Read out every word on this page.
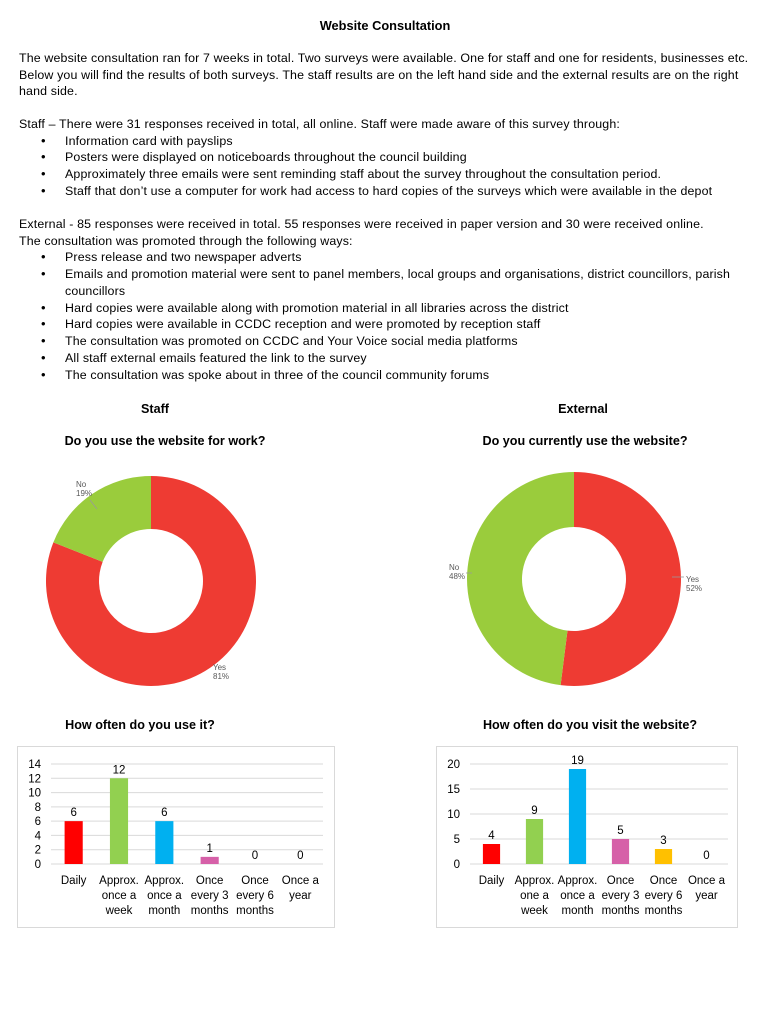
Website Consultation
The website consultation ran for 7 weeks in total. Two surveys were available. One for staff and one for residents, businesses etc. Below you will find the results of both surveys. The staff results are on the left hand side and the external results are on the right hand side.
Staff – There were 31 responses received in total, all online. Staff were made aware of this survey through:
• Information card with payslips
• Posters were displayed on noticeboards throughout the council building
• Approximately three emails were sent reminding staff about the survey throughout the consultation period.
• Staff that don’t use a computer for work had access to hard copies of the surveys which were available in the depot
External - 85 responses were received in total. 55 responses were received in paper version and 30 were received online.
The consultation was promoted through the following ways:
• Press release and two newspaper adverts
• Emails and promotion material were sent to panel members, local groups and organisations, district councillors, parish councillors
• Hard copies were available along with promotion material in all libraries across the district
• Hard copies were available in CCDC reception and were promoted by reception staff
• The consultation was promoted on CCDC and Your Voice social media platforms
• All staff external emails featured the link to the survey
• The consultation was spoke about in three of the council community forums
Staff	External
Do you use the website for work?	Do you currently use the website?
Yes
81%
No
19%
Yes
52%
No
48%
How often do you use it?	How often do you visit the website?
0
2
4
6
8
10
12
14
6
Daily
12
Approx.
once a
week
6
Approx.
once a
month
1
Once
every 3
months
0
Once
every 6
months
0
Once a
year
0
5
10
15
20
4
Daily
9
Approx.
one a
week
19
Approx.
once a
month
5
Once
every 3
months
3
Once
every 6
months
0
Once a
year
